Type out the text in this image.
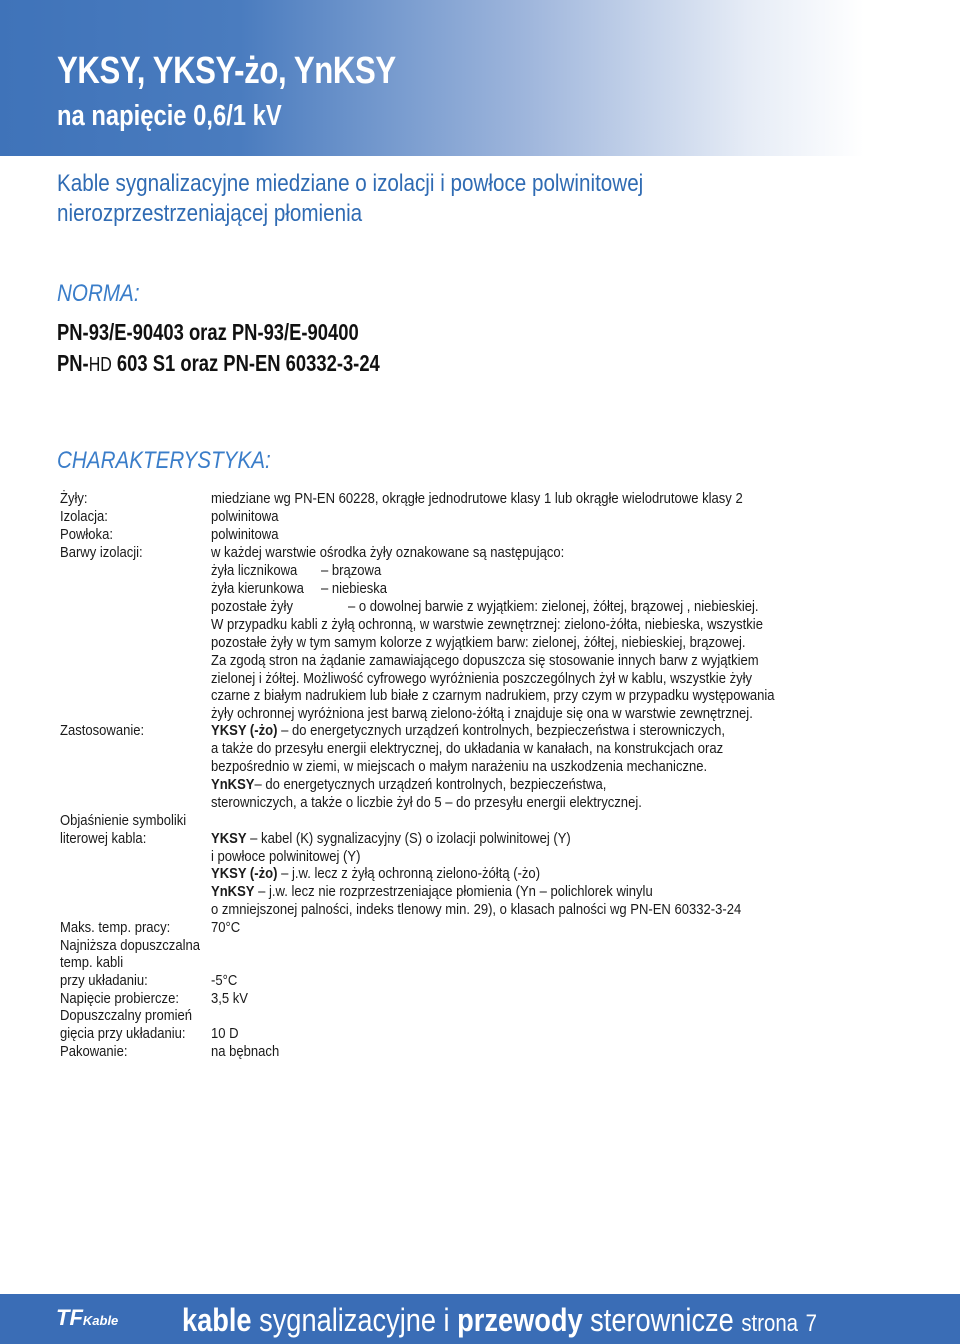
YKSY, YKSY-żo, YnKSY
na napięcie 0,6/1 kV
Kable sygnalizacyjne miedziane o izolacji i powłoce polwinitowej
nierozprzestrzeniającej płomienia
NORMA:
PN-93/E-90403 oraz PN-93/E-90400
PN-HD 603 S1 oraz PN-EN 60332-3-24
CHARAKTERYSTYKA:
Żyły:	miedziane wg PN-EN 60228, okrągłe jednodrutowe klasy 1 lub okrągłe wielodrutowe klasy 2
Izolacja:	polwinitowa
Powłoka:	polwinitowa
Barwy izolacji:	w każdej warstwie ośrodka żyły oznakowane są następująco:
żyła licznikowa – brązowa
żyła kierunkowa – niebieska
pozostałe żyły	– o dowolnej barwie z wyjątkiem: zielonej, żółtej, brązowej , niebieskiej.
W przypadku kabli z żyłą ochronną, w warstwie zewnętrznej: zielono-żółta, niebieska, wszystkie
pozostałe żyły w tym samym kolorze z wyjątkiem barw: zielonej, żółtej, niebieskiej, brązowej.
Za zgodą stron na żądanie zamawiającego dopuszcza się stosowanie innych barw z wyjątkiem
zielonej i żółtej. Możliwość cyfrowego wyróżnienia poszczególnych żył w kablu, wszystkie żyły
czarne z białym nadrukiem lub białe z czarnym nadrukiem, przy czym w przypadku występowania
żyły ochronnej wyróżniona jest barwą zielono-żółtą i znajduje się ona w warstwie zewnętrznej.
Zastosowanie:	YKSY (-żo) – do energetycznych urządzeń kontrolnych, bezpieczeństwa i sterowniczych,
a także do przesyłu energii elektrycznej, do układania w kanałach, na konstrukcjach oraz
bezpośrednio w ziemi, w miejscach o małym narażeniu na uszkodzenia mechaniczne.
YnKSY– do energetycznych urządzeń kontrolnych, bezpieczeństwa,
sterowniczych, a także o liczbie żył do 5 – do przesyłu energii elektrycznej.
Objaśnienie symboliki
literowej kabla:	YKSY – kabel (K) sygnalizacyjny (S) o izolacji polwinitowej (Y)
i powłoce polwinitowej (Y)
YKSY (-żo) – j.w. lecz z żyłą ochronną zielono-żółtą (-żo)
YnKSY – j.w. lecz nie rozprzestrzeniające płomienia (Yn – polichlorek winylu
o zmniejszonej palności, indeks tlenowy min. 29), o klasach palności wg PN-EN 60332-3-24
Maks. temp. pracy:	70°C
Najniższa dopuszczalna
temp. kabli
przy układaniu:	-5°C
Napięcie probiercze: 3,5 kV
Dopuszczalny promień
gięcia przy układaniu: 10 D
Pakowanie:	na bębnach
TFKable kable sygnalizacyjne i przewody sterownicze strona 7
